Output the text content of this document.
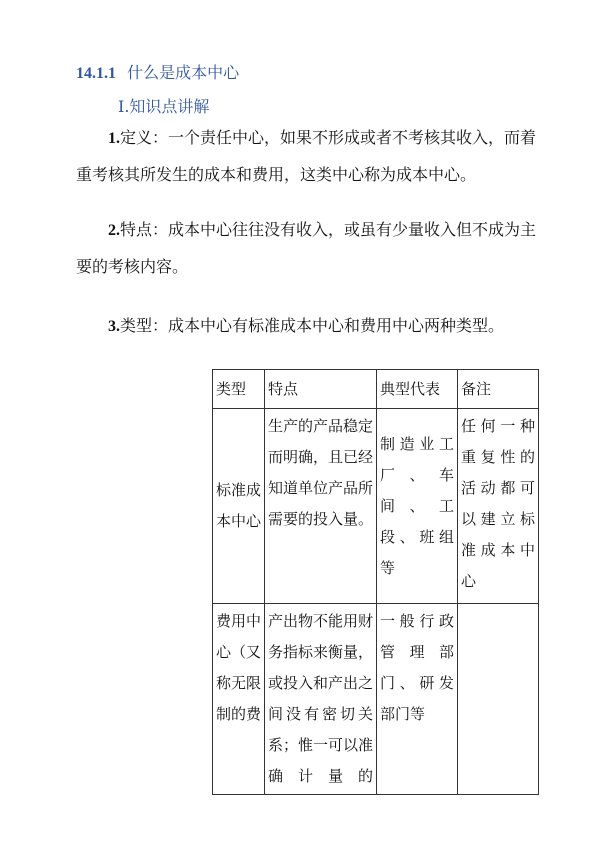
14.1.1 什么是成本中心
Ⅰ.知识点讲解
1.定义：一个责任中心，如果不形成或者不考核其收入，而着重考核其所发生的成本和费用，这类中心称为成本中心。
2.特点：成本中心往往没有收入，或虽有少量收入但不成为主要的考核内容。
3.类型：成本中心有标准成本中心和费用中心两种类型。
类型	特点	典型代表	备注
标准成本中心	生产的产品稳定而明确，且已经知道单位产品所需要的投入量。	制造业工厂、车间、工段、班组等	任何一种重复性的活动都可以建立标准成本中心
费用中心（又称无限制的费	产出物不能用财务指标来衡量，或投入和产出之间没有密切关系；惟一可以准确计量的	一般行政管理部门、研发部门等	
